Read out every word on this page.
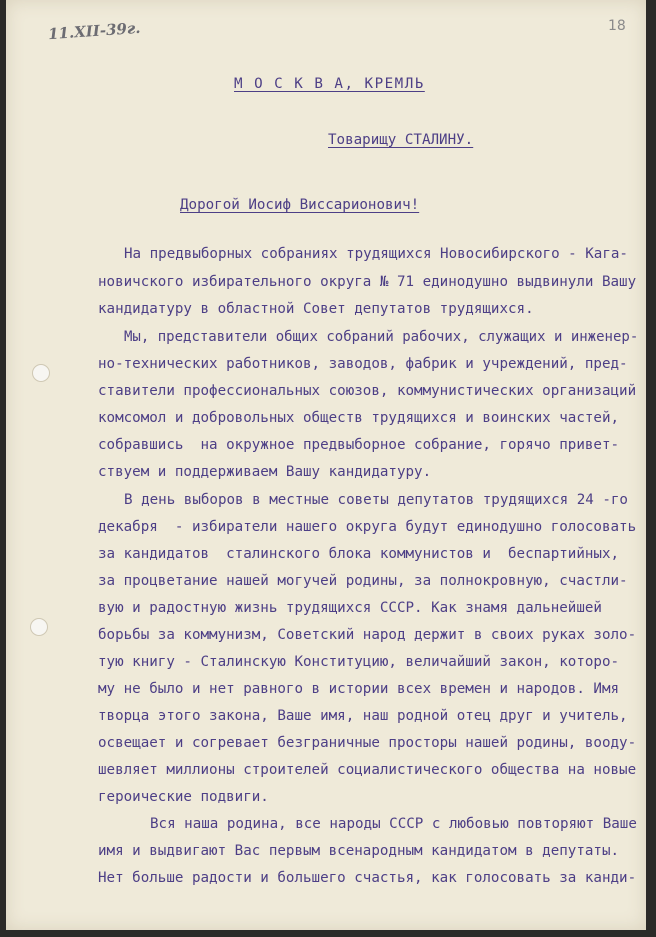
11.XII-39г.	18
М О С К В А, КРЕМЛЬ
Товарищу СТАЛИНУ.
Дорогой Иосиф Виссарионович!
На предвыборных собраниях трудящихся Новосибирского - Кага-
новичского избирательного округа № 71 единодушно выдвинули Вашу
кандидатуру в областной Совет депутатов трудящихся.
Мы, представители общих собраний рабочих, служащих и инженер-
но-технических работников, заводов, фабрик и учреждений, пред-
ставители профессиональных союзов, коммунистических организаций
комсомол и добровольных обществ трудящихся и воинских частей,
собравшись  на окружное предвыборное собрание, горячо привет-
ствуем и поддерживаем Вашу кандидатуру.
В день выборов в местные советы депутатов трудящихся 24 -го
декабря  - избиратели нашего округа будут единодушно голосовать
за кандидатов  сталинского блока коммунистов и  беспартийных,
за процветание нашей могучей родины, за полнокровную, счастли-
вую и радостную жизнь трудящихся СССР. Как знамя дальнейшей
борьбы за коммунизм, Советский народ держит в своих руках золо-
тую книгу - Сталинскую Конституцию, величайший закон, которо-
му не было и нет равного в истории всех времен и народов. Имя
творца этого закона, Ваше имя, наш родной отец друг и учитель,
освещает и согревает безграничные просторы нашей родины, вооду-
шевляет миллионы строителей социалистического общества на новые
героические подвиги.
Вся наша родина, все народы СССР с любовью повторяют Ваше
имя и выдвигают Вас первым всенародным кандидатом в депутаты.
Нет больше радости и большего счастья, как голосовать за канди-
